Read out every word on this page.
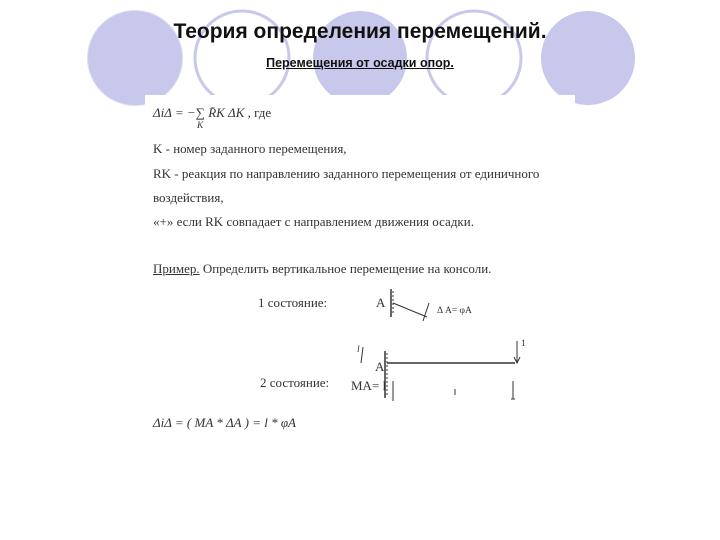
Теория определения перемещений.
Перемещения от осадки опор.
ΔiΔ = −∑ R̄K ΔK , где
K
K - номер заданного перемещения,
RK - реакция по направлению заданного перемещения от единичного
воздействия,
«+» если RK совпадает с направлением движения осадки.
Пример. Определить вертикальное перемещение на консоли.
1 состояние:	A
Δ A= φA
1
l
A
2 состояние: MA= l
ΔiΔ = ( MA * ΔA ) = l * φA
